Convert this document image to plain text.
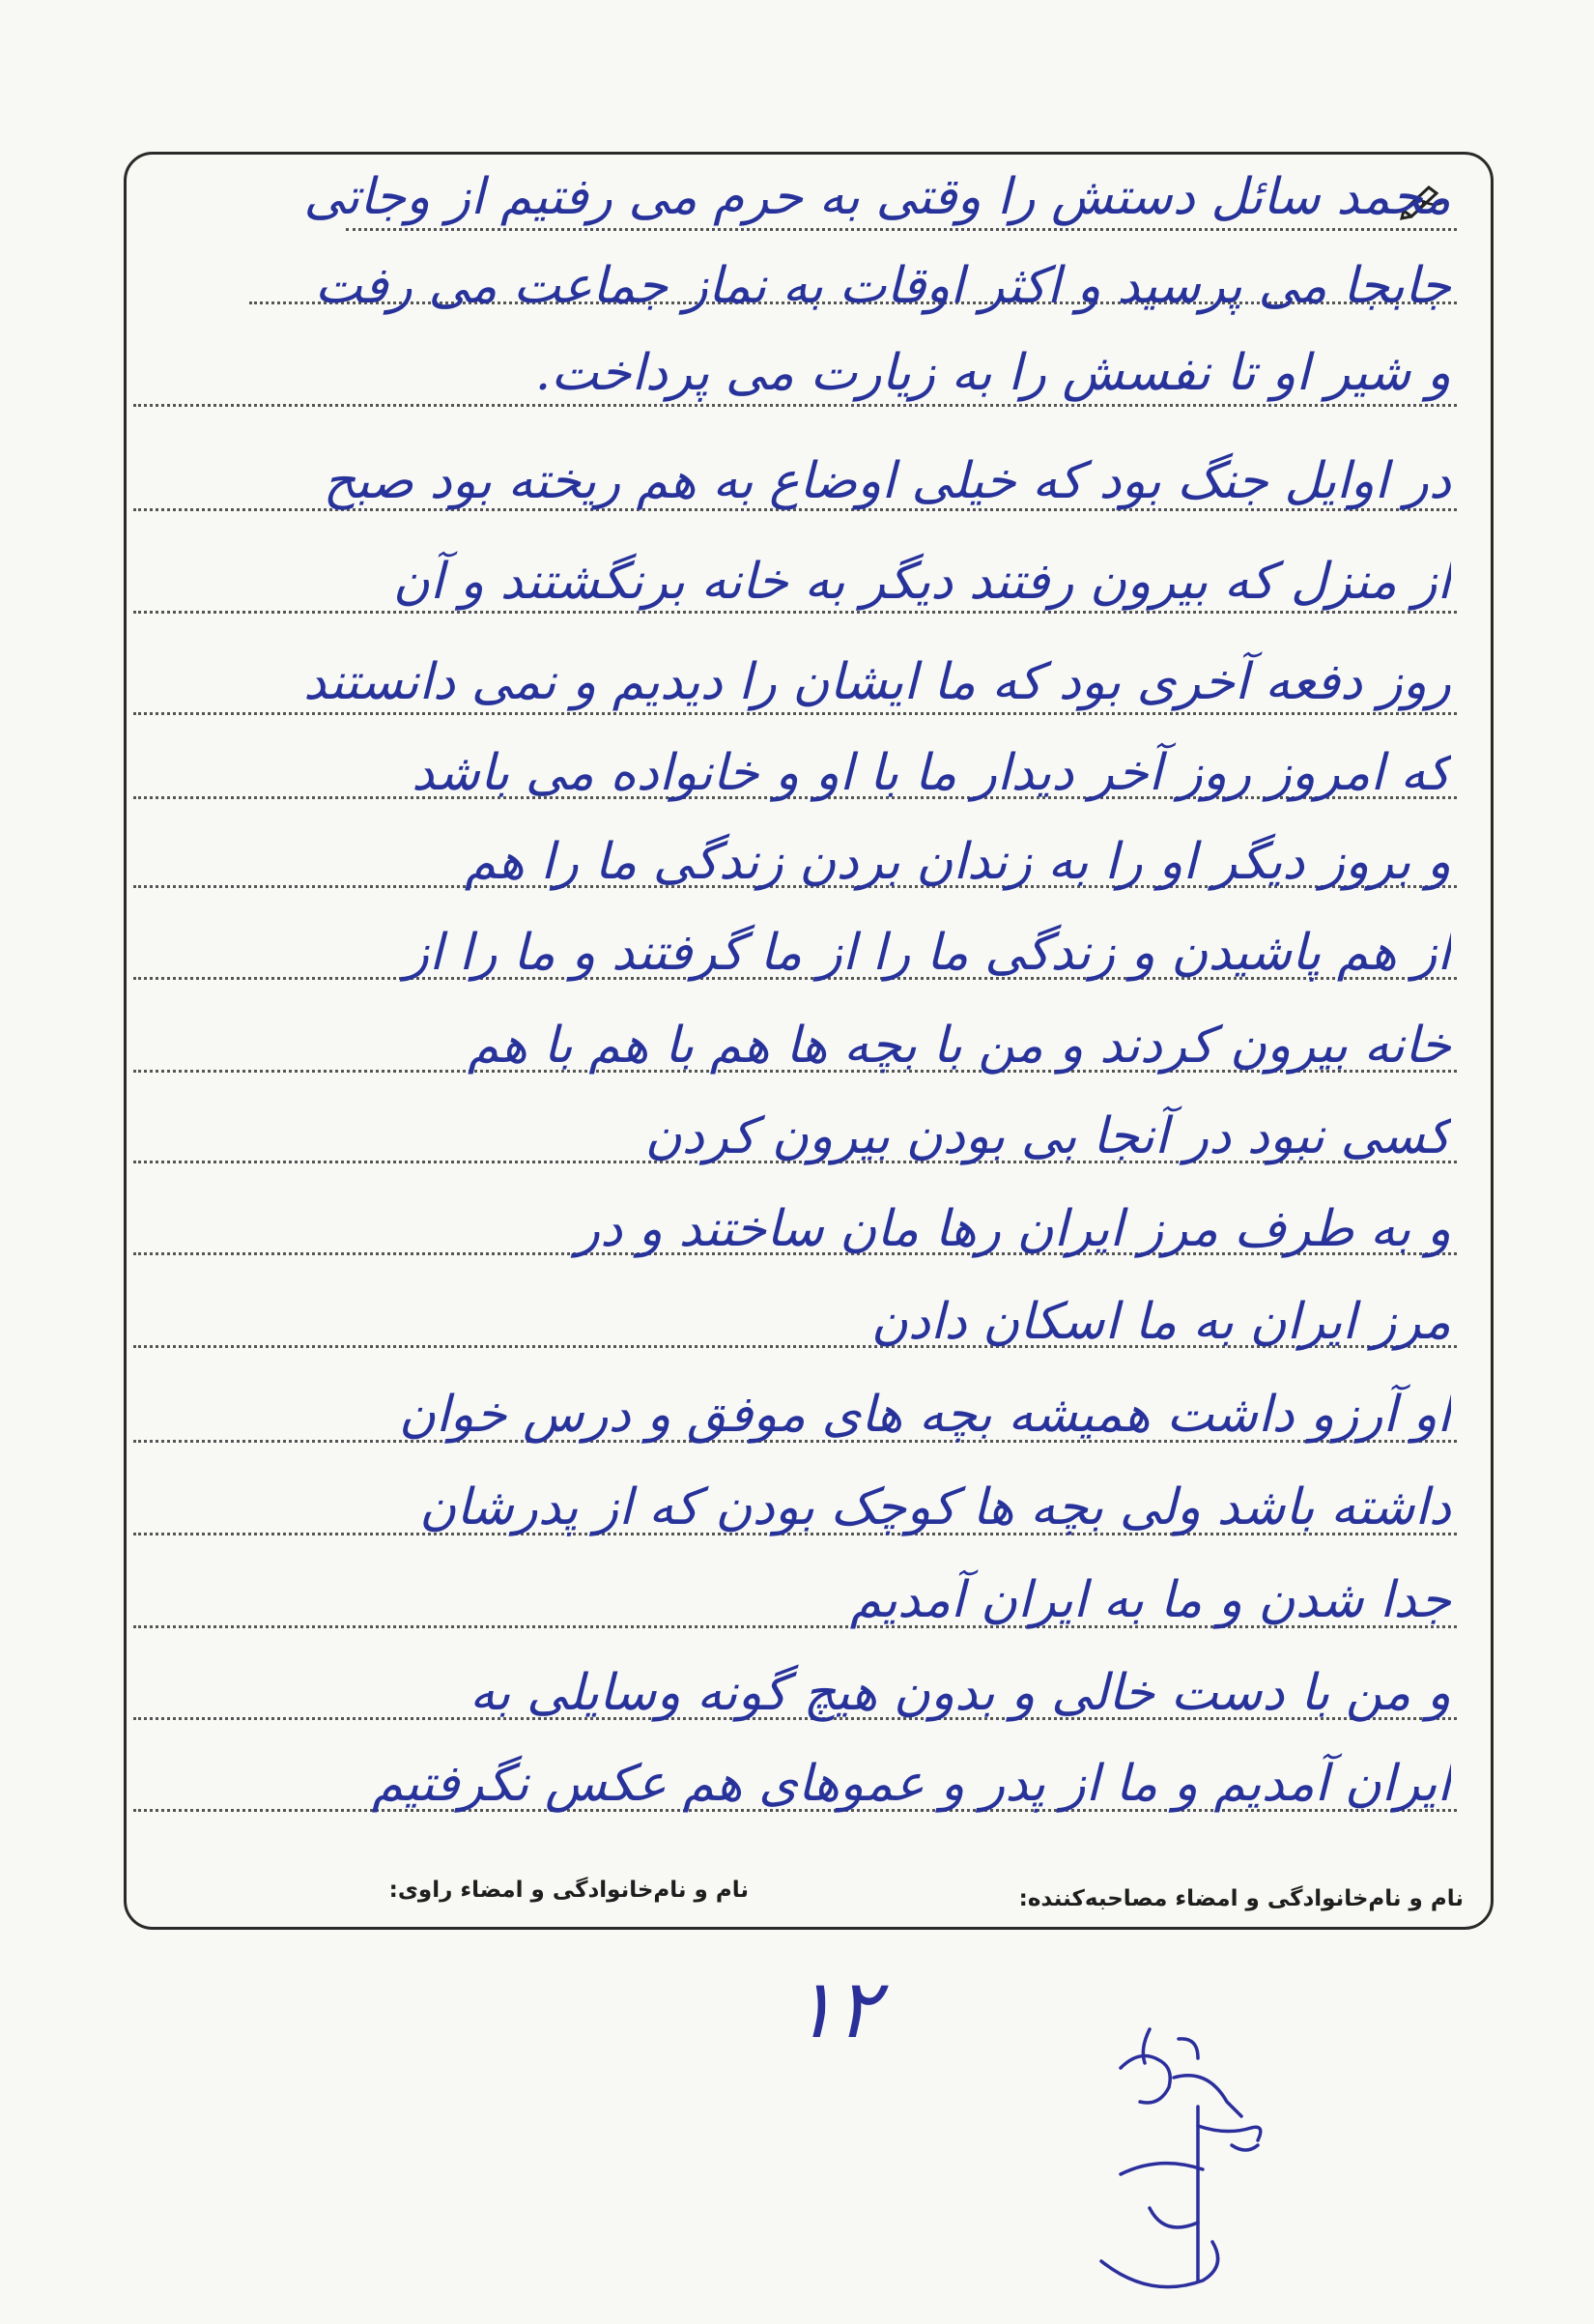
محمد سائل دستش را وقتی به حرم می رفتیم از وجاتی
جابجا می پرسید و اکثر اوقات به نماز جماعت می رفت
و شیر او تا نفسش را به زیارت می پرداخت.
در اوایل جنگ بود که خیلی اوضاع به هم ریخته بود صبح
از منزل که بیرون رفتند دیگر به خانه برنگشتند و آن
روز دفعه آخری بود که ما ایشان را دیدیم و نمی دانستند
که امروز روز آخر دیدار ما با او و خانواده می باشد
و بروز دیگر او را به زندان بردن زندگی ما را هم
از هم پاشیدن و زندگی ما را از ما گرفتند و ما را از
خانه بیرون کردند و من با بچه ها هم با هم با هم
کسی نبود در آنجا بی بودن بیرون کردن
و به طرف مرز ایران رها مان ساختند و در
مرز ایران به ما اسکان دادن
او آرزو داشت همیشه بچه های موفق و درس خوان
داشته باشد ولی بچه ها کوچک بودن که از پدرشان
جدا شدن و ما به ایران آمدیم
و من با دست خالی و بدون هیچ گونه وسایلی به
ایران آمدیم و ما از پدر و عموهای هم عکس نگرفتیم
نام و نام‌خانوادگی و امضاء مصاحبه‌کننده:
نام و نام‌خانوادگی و امضاء راوی:
۱۲
